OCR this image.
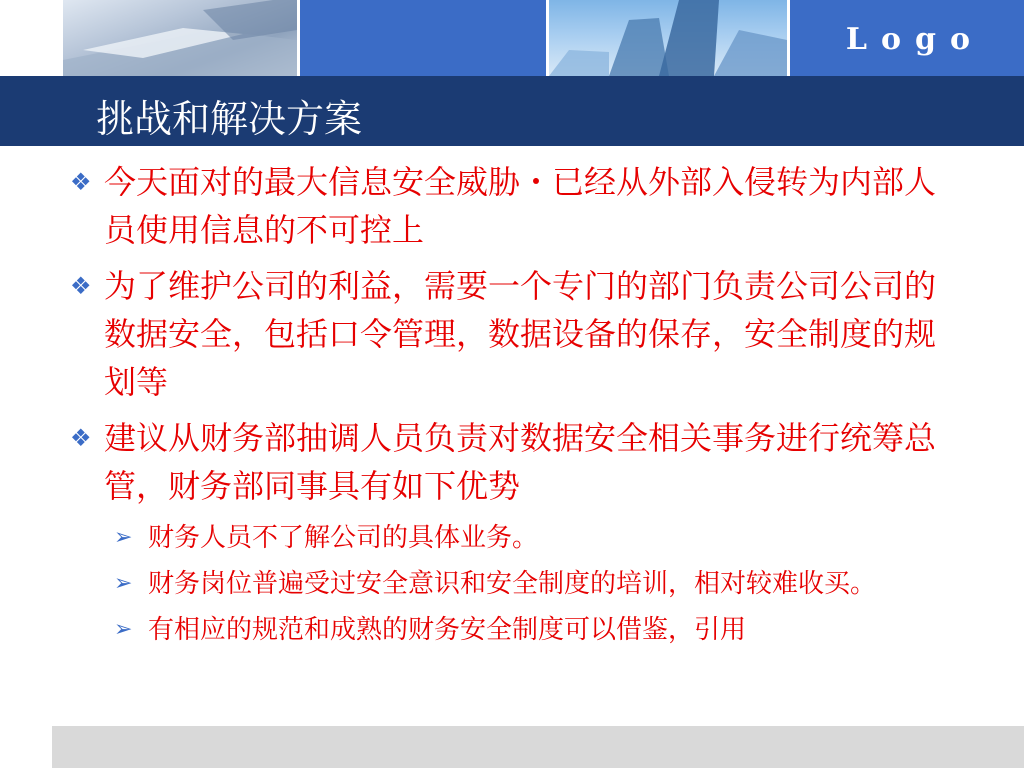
Logo
挑战和解决方案
❖ 今天面对的最大信息安全威胁・已经从外部入侵转为内部人员使用信息的不可控上
❖ 为了维护公司的利益，需要一个专门的部门负责公司公司的数据安全，包括口令管理，数据设备的保存，安全制度的规划等
❖ 建议从财务部抽调人员负责对数据安全相关事务进行统筹总管，财务部同事具有如下优势
➢ 财务人员不了解公司的具体业务。
➢ 财务岗位普遍受过安全意识和安全制度的培训，相对较难收买。
➢ 有相应的规范和成熟的财务安全制度可以借鉴，引用
